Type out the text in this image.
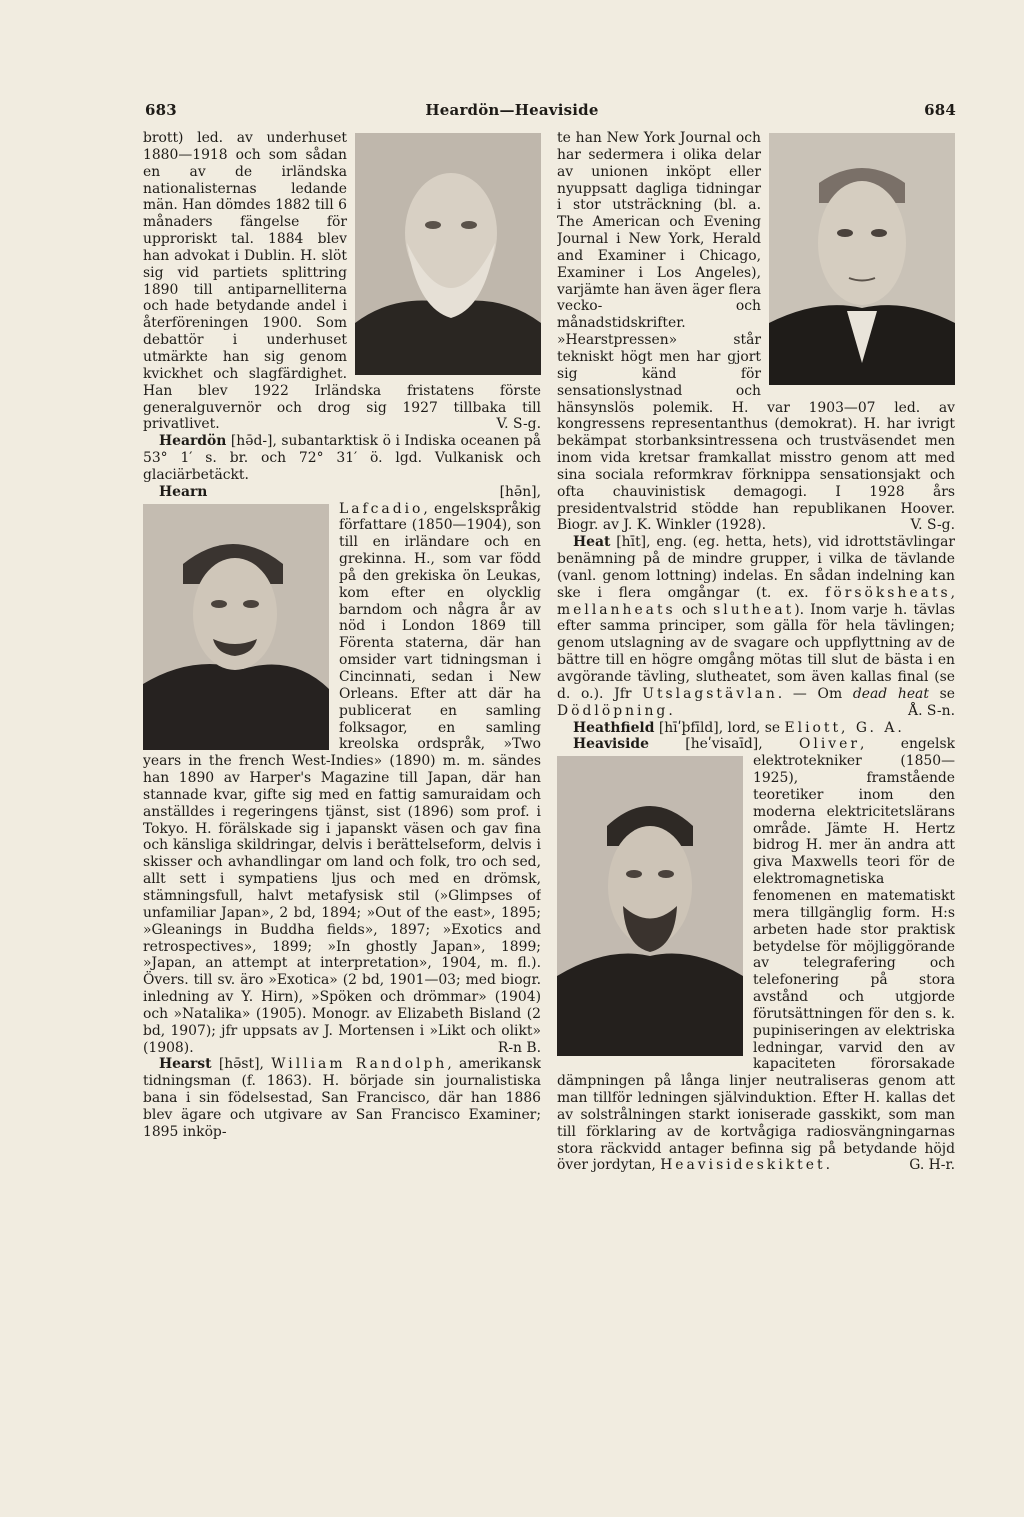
683	Heardön—Heaviside	684

brott) led. av underhuset 1880—1918 och som sådan en av de irländska nationalisternas ledande män. Han dömdes 1882 till 6 månaders fängelse för upproriskt tal. 1884 blev han advokat i Dublin. H. slöt sig vid partiets splittring 1890 till antiparnelliterna och hade betydande andel i återföreningen 1900. Som debattör i underhuset utmärkte han sig genom kvickhet och slagfärdighet. Han blev 1922 Irländska fristatens förste generalguvernör och drog sig 1927 tillbaka till privatlivet.	V. S-g.

Heardön [hə̄d-], subantarktisk ö i Indiska oceanen på 53° 1′ s. br. och 72° 31′ ö. lgd. Vulkanisk och glaciärbetäckt.

Hearn [hə̄n], Lafcadio
, engelskspråkig författare (1850—1904), son till en irländare och en grekinna. H., som var född på den grekiska ön Leukas, kom efter en olycklig barndom och några år av nöd i London 1869 till Förenta staterna, där han omsider vart tidningsman i Cincinnati, sedan i New Orleans. Efter att där ha publicerat en samling folksagor, en samling kreolska ordspråk, »Two years in the french West-Indies» (1890) m. m. sändes han 1890 av Harper's Magazine till Japan, där han stannade kvar, gifte sig med en fattig samuraidam och anställdes i regeringens tjänst, sist (1896) som prof. i Tokyo. H. förälskade sig i japanskt väsen och gav fina och känsliga skildringar, delvis i berättelseform, delvis i skisser och avhandlingar om land och folk, tro och sed, allt sett i sympatiens ljus och med en drömsk, stämningsfull, halvt metafysisk stil (»Glimpses of unfamiliar Japan», 2 bd, 1894; »Out of the east», 1895; »Gleanings in Buddha fields», 1897; »Exotics and retrospectives», 1899; »In ghostly Japan», 1899; »Japan, an attempt at interpretation», 1904, m. fl.). Övers. till sv. äro »Exotica» (2 bd, 1901—03; med biogr. inledning av Y. Hirn), »Spöken och drömmar» (1904) och »Natalika» (1905). Monogr. av Elizabeth Bisland (2 bd, 1907); jfr uppsats av J. Mortensen i »Likt och olikt» (1908).	R-n B.

Hearst [hə̄st], William Randolph, amerikansk tidningsman (f. 1863). H. började sin journalistiska bana i sin födelsestad, San Francisco, där han 1886 blev ägare och utgivare av San Francisco Examiner; 1895 inköp-

te han New York Journal och har sedermera i olika delar av unionen inköpt eller nyuppsatt dagliga tidningar i stor utsträckning (bl. a. The American och Evening Journal i New York, Herald and Examiner i Chicago, Examiner i Los Angeles), varjämte han även äger flera vecko- och månadstidskrifter. »Hearstpressen» står tekniskt högt men har gjort sig känd för sensationslystnad och hänsynslös polemik. H. var 1903—07 led. av kongressens representanthus (demokrat). H. har ivrigt bekämpat storbanksintressena och trustväsendet men inom vida kretsar framkallat misstro genom att med sina sociala reformkrav förknippa sensationsjakt och ofta chauvinistisk demagogi. I 1928 års presidentvalstrid stödde han republikanen Hoover. Biogr. av J. K. Winkler (1928).	V. S-g.

Heat [hīt], eng. (eg. hetta, hets), vid idrottstävlingar benämning på de mindre grupper, i vilka de tävlande (vanl. genom lottning) indelas. En sådan indelning kan ske i flera omgångar (t. ex. försöksheats, mellanheats och slutheat). Inom varje h. tävlas efter samma principer, som gälla för hela tävlingen; genom utslagning av de svagare och uppflyttning av de bättre till en högre omgång mötas till slut de bästa i en avgörande tävling, slutheatet, som även kallas final (se d. o.). Jfr Utslagstävlan. — Om dead heat se Dödlöpning.	Å. S-n.

Heathfield [hīʹþfīld], lord, se Eliott, G. A.

Heaviside [heʹvisaīd], Oliver
, engelsk elektrotekniker (1850—1925), framstående teoretiker inom den moderna elektricitetslärans område. Jämte H. Hertz bidrog H. mer än andra att giva Maxwells teori för de elektromagnetiska fenomenen en matematiskt mera tillgänglig form. H:s arbeten hade stor praktisk betydelse för möjliggörande av telegrafering och telefonering på stora avstånd och utgjorde förutsättningen för den s. k. pupiniseringen av elektriska ledningar, varvid den av kapaciteten förorsakade dämpningen på långa linjer neutraliseras genom att man tillför ledningen självinduktion. Efter H. kallas det av solstrålningen starkt ioniserade gasskikt, som man till förklaring av de kortvågiga radiosvängningarnas stora räckvidd antager befinna sig på betydande höjd över jordytan, Heavisideskiktet.	G. H-r.
